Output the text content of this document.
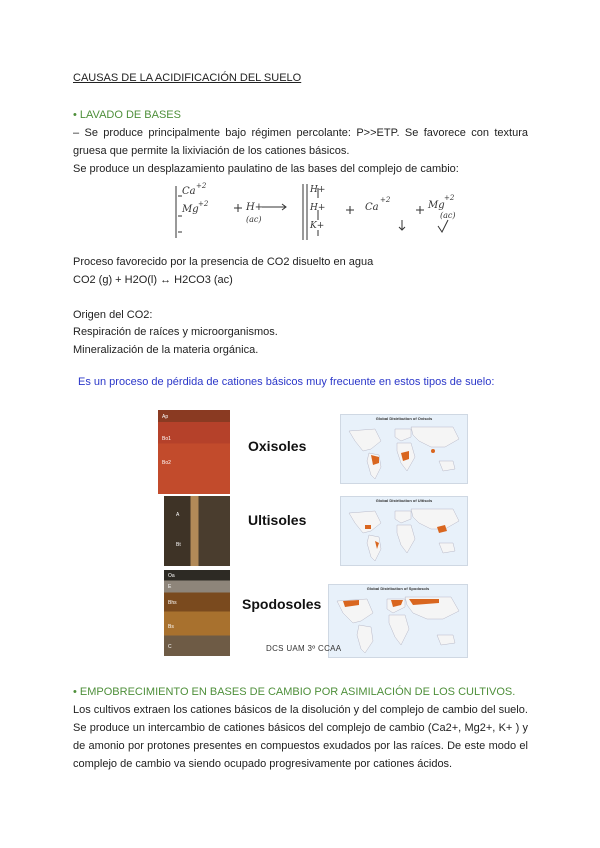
CAUSAS DE LA ACIDIFICACIÓN DEL SUELO
• LAVADO DE BASES
– Se produce principalmente bajo régimen percolante: P>>ETP. Se favorece con textura gruesa que permite la lixiviación de los cationes básicos.
Se produce un desplazamiento paulatino de las bases del complejo de cambio:
Ca +2
Mg +2	H+
(ac)
H+
H+
K+
Ca
+2	Mg
+2
(ac)
Proceso favorecido por la presencia de CO2 disuelto en agua
CO2 (g) + H2O(l) ↔ H2CO3 (ac)
Origen del CO2:
Respiración de raíces y microorganismos.
Mineralización de la materia orgánica.
Es un proceso de pérdida de cationes básicos muy frecuente en estos tipos de suelo:
Ap
Bo1
Bo2
Oxisoles
Global Distribution of Oxisols
A
Bt
Ultisoles
Global Distribution of Ultisols
Oa
E
Bhs
Bs
C
Spodosoles
Global Distribution of Spodosols
DCS UAM 3º CCAA
• EMPOBRECIMIENTO EN BASES DE CAMBIO POR ASIMILACIÓN DE LOS CULTIVOS.
Los cultivos extraen los cationes básicos de la disolución y del complejo de cambio del suelo.
Se produce un intercambio de cationes básicos del complejo de cambio (Ca2+, Mg2+, K+ ) y de amonio por protones presentes en compuestos exudados por las raíces. De este modo el complejo de cambio va siendo ocupado progresivamente por cationes ácidos.
